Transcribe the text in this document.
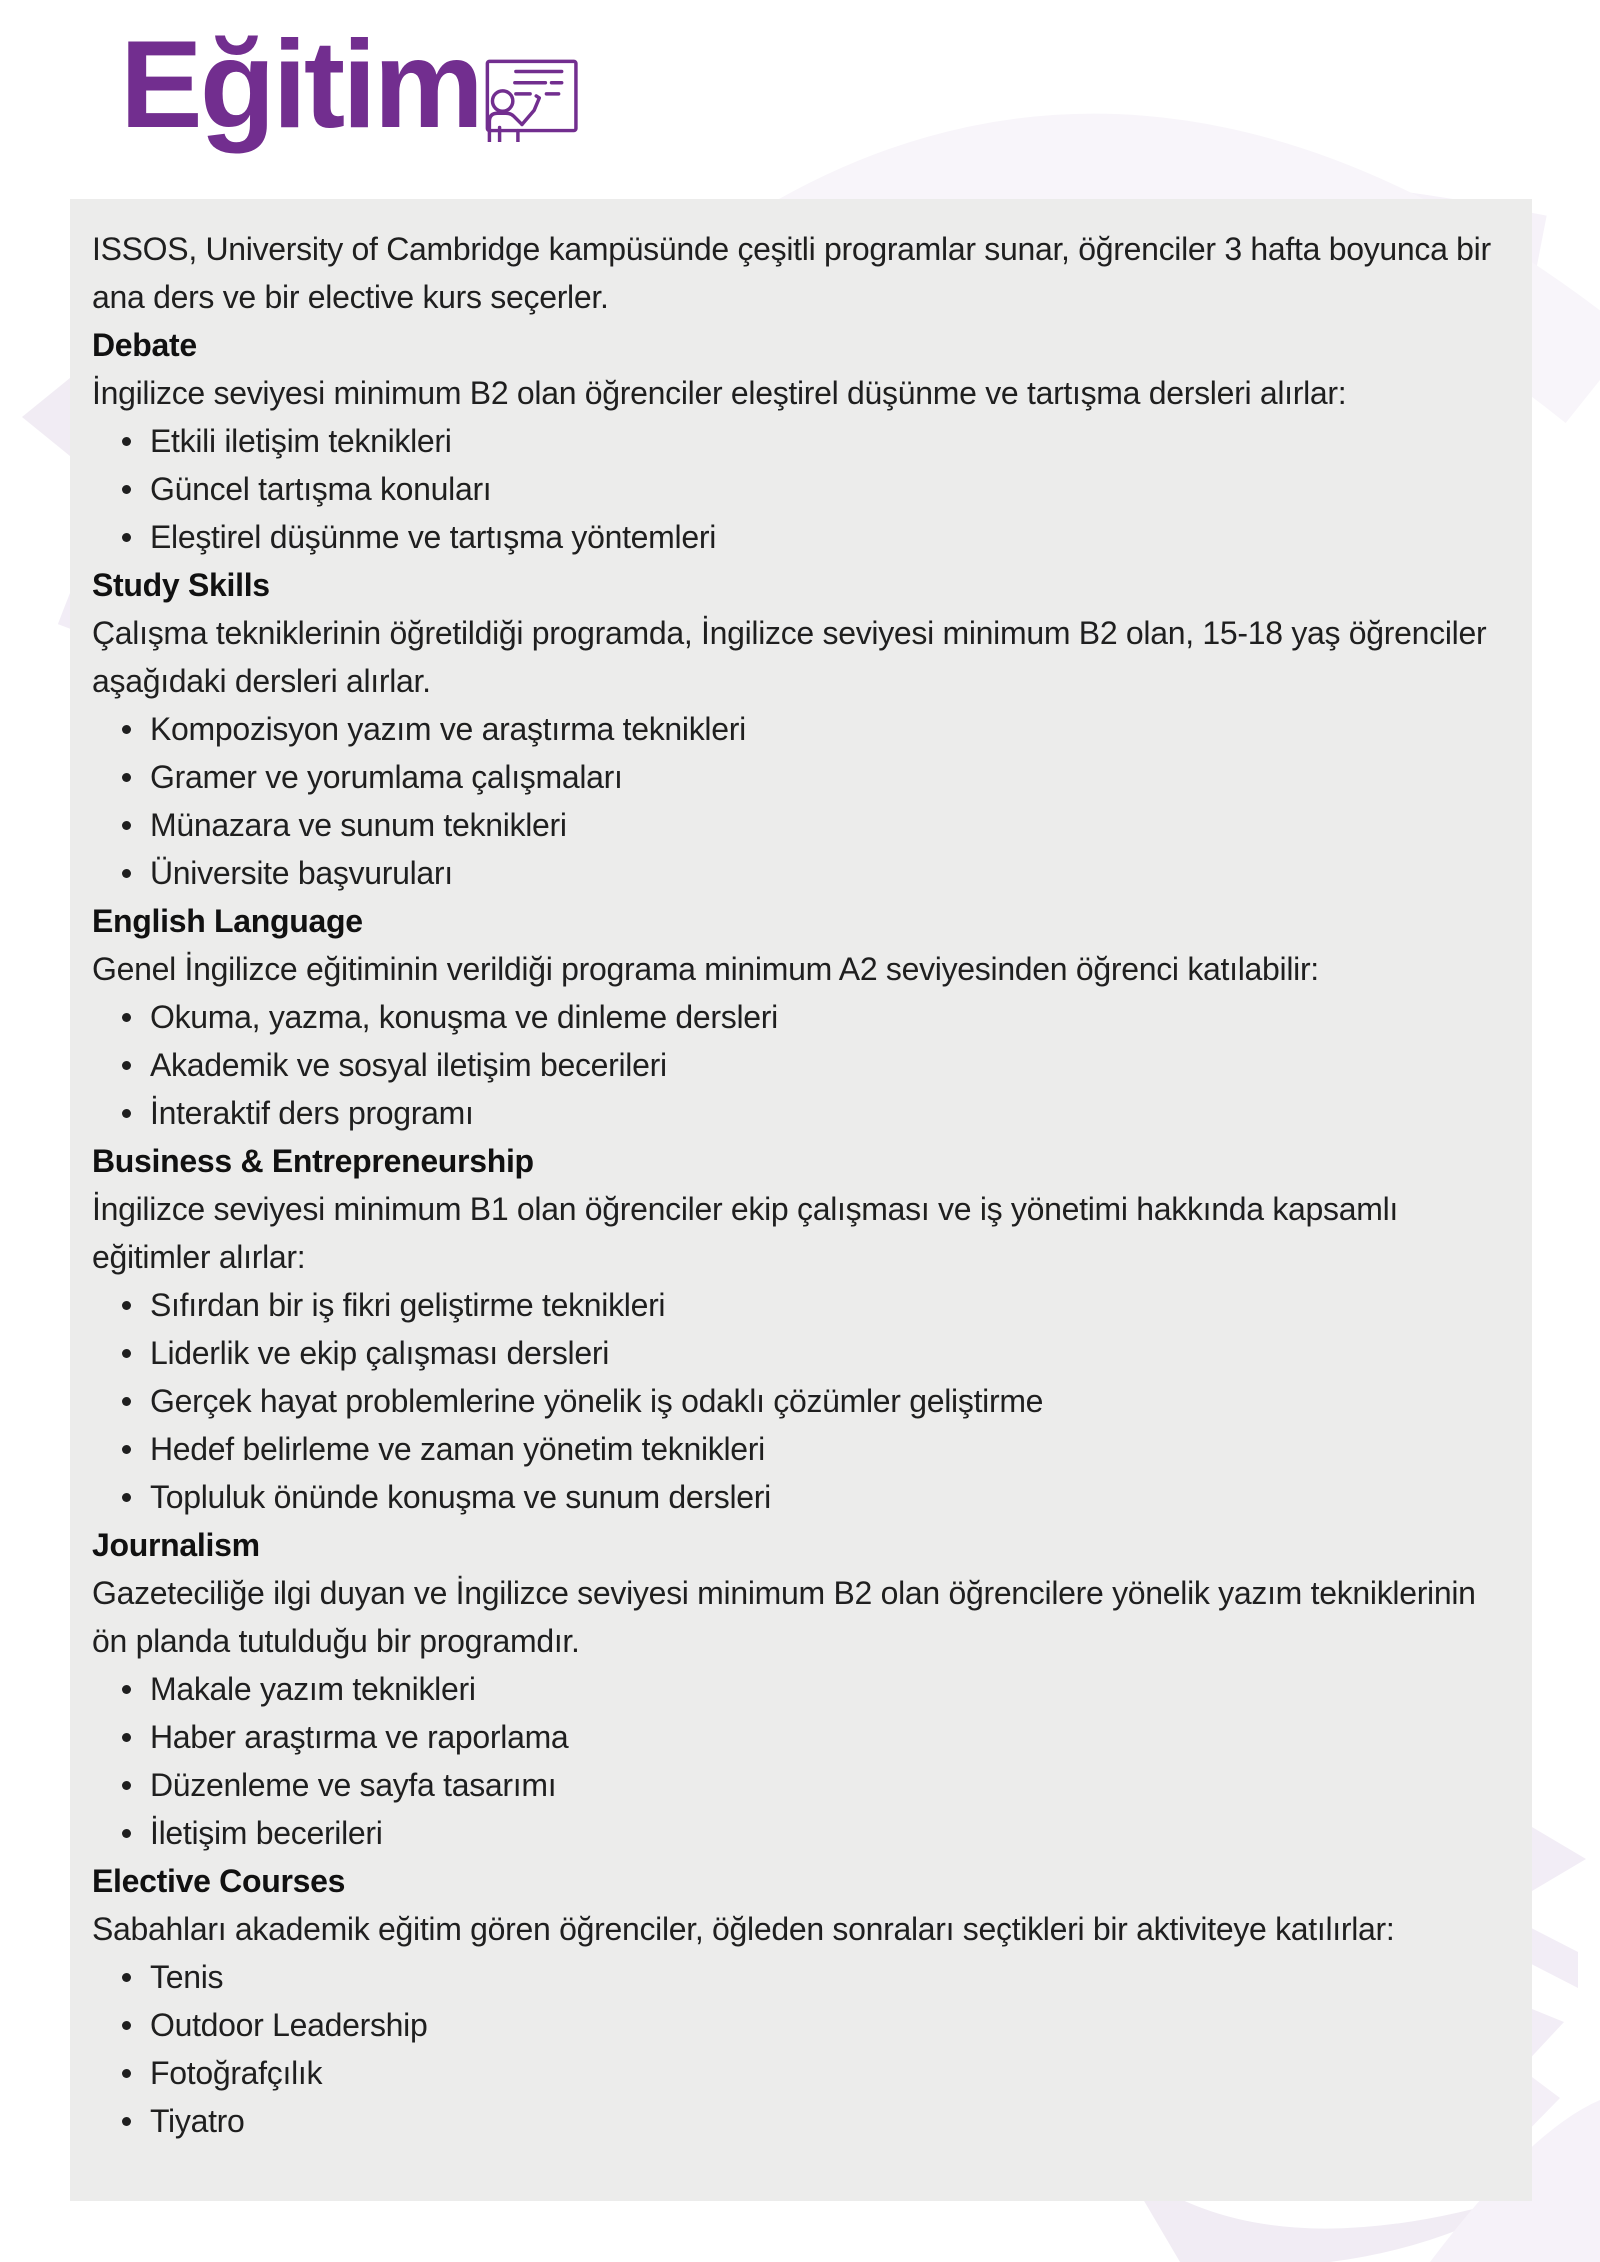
Eğitim

ISSOS, University of Cambridge kampüsünde çeşitli programlar sunar, öğrenciler 3 hafta boyunca bir ana ders ve bir elective kurs seçerler.

Debate

İngilizce seviyesi minimum B2 olan öğrenciler eleştirel düşünme ve tartışma dersleri alırlar:

Etkili iletişim teknikleri
Güncel tartışma konuları
Eleştirel düşünme ve tartışma yöntemleri
Study Skills

Çalışma tekniklerinin öğretildiği programda, İngilizce seviyesi minimum B2 olan, 15-18 yaş öğrenciler aşağıdaki dersleri alırlar.

Kompozisyon yazım ve araştırma teknikleri
Gramer ve yorumlama çalışmaları
Münazara ve sunum teknikleri
Üniversite başvuruları
English Language

Genel İngilizce eğitiminin verildiği programa minimum A2 seviyesinden öğrenci katılabilir:

Okuma, yazma, konuşma ve dinleme dersleri
Akademik ve sosyal iletişim becerileri
İnteraktif ders programı
Business & Entrepreneurship

İngilizce seviyesi minimum B1 olan öğrenciler ekip çalışması ve iş yönetimi hakkında kapsamlı eğitimler alırlar:

Sıfırdan bir iş fikri geliştirme teknikleri
Liderlik ve ekip çalışması dersleri
Gerçek hayat problemlerine yönelik iş odaklı çözümler geliştirme
Hedef belirleme ve zaman yönetim teknikleri
Topluluk önünde konuşma ve sunum dersleri
Journalism

Gazeteciliğe ilgi duyan ve İngilizce seviyesi minimum B2 olan öğrencilere yönelik yazım tekniklerinin ön planda tutulduğu bir programdır.

Makale yazım teknikleri
Haber araştırma ve raporlama
Düzenleme ve sayfa tasarımı
İletişim becerileri
Elective Courses

Sabahları akademik eğitim gören öğrenciler, öğleden sonraları seçtikleri bir aktiviteye katılırlar:

Tenis
Outdoor Leadership
Fotoğrafçılık
Tiyatro
